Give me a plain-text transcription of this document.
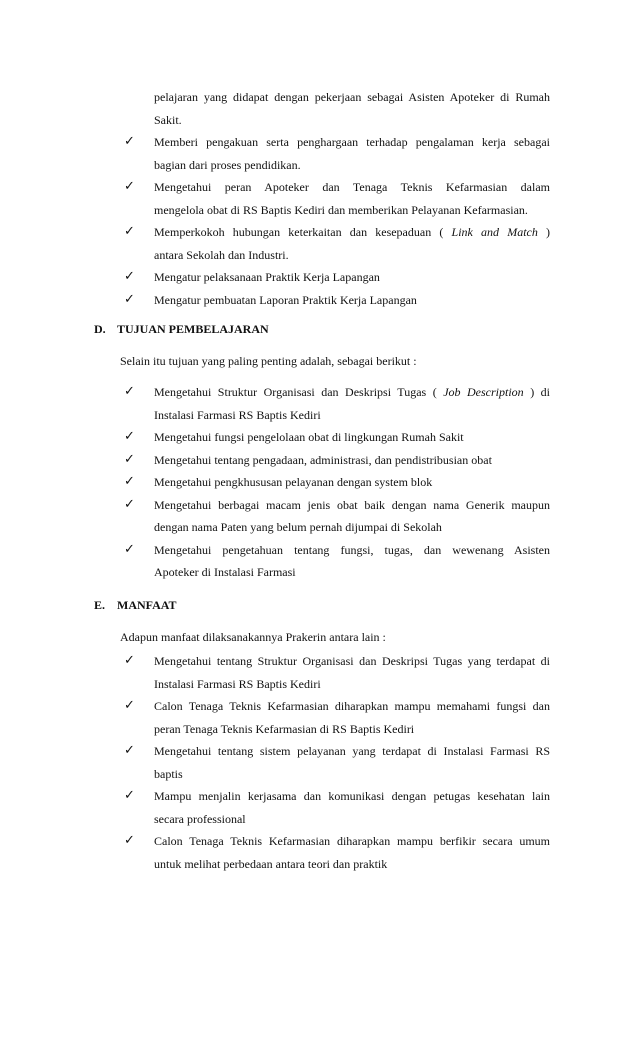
pelajaran yang didapat dengan pekerjaan sebagai Asisten Apoteker di Rumah
Sakit.
✓	Memberi pengakuan serta penghargaan terhadap pengalaman kerja sebagai
bagian dari proses pendidikan.
✓	Mengetahui peran Apoteker dan Tenaga Teknis Kefarmasian dalam
mengelola obat di RS Baptis Kediri dan memberikan Pelayanan Kefarmasian.
✓	Memperkokoh hubungan keterkaitan dan kesepaduan ( Link and Match )
antara Sekolah dan Industri.
✓	Mengatur pelaksanaan Praktik Kerja Lapangan
✓	Mengatur pembuatan Laporan Praktik Kerja Lapangan
D. TUJUAN PEMBELAJARAN
Selain itu tujuan yang paling penting adalah, sebagai berikut :
✓	Mengetahui Struktur Organisasi dan Deskripsi Tugas ( Job Description ) di
Instalasi Farmasi RS Baptis Kediri
✓	Mengetahui fungsi pengelolaan obat di lingkungan Rumah Sakit
✓	Mengetahui tentang pengadaan, administrasi, dan pendistribusian obat
✓	Mengetahui pengkhususan pelayanan dengan system blok
✓	Mengetahui berbagai macam jenis obat baik dengan nama Generik maupun
dengan nama Paten yang belum pernah dijumpai di Sekolah
✓	Mengetahui pengetahuan tentang fungsi, tugas, dan wewenang Asisten
Apoteker di Instalasi Farmasi
E. MANFAAT
Adapun manfaat dilaksanakannya Prakerin antara lain :
✓	Mengetahui tentang Struktur Organisasi dan Deskripsi Tugas yang terdapat di
Instalasi Farmasi RS Baptis Kediri
✓	Calon Tenaga Teknis Kefarmasian diharapkan mampu memahami fungsi dan
peran Tenaga Teknis Kefarmasian di RS Baptis Kediri
✓	Mengetahui tentang sistem pelayanan yang terdapat di Instalasi Farmasi RS
baptis
✓	Mampu menjalin kerjasama dan komunikasi dengan petugas kesehatan lain
secara professional
✓	Calon Tenaga Teknis Kefarmasian diharapkan mampu berfikir secara umum
untuk melihat perbedaan antara teori dan praktik
